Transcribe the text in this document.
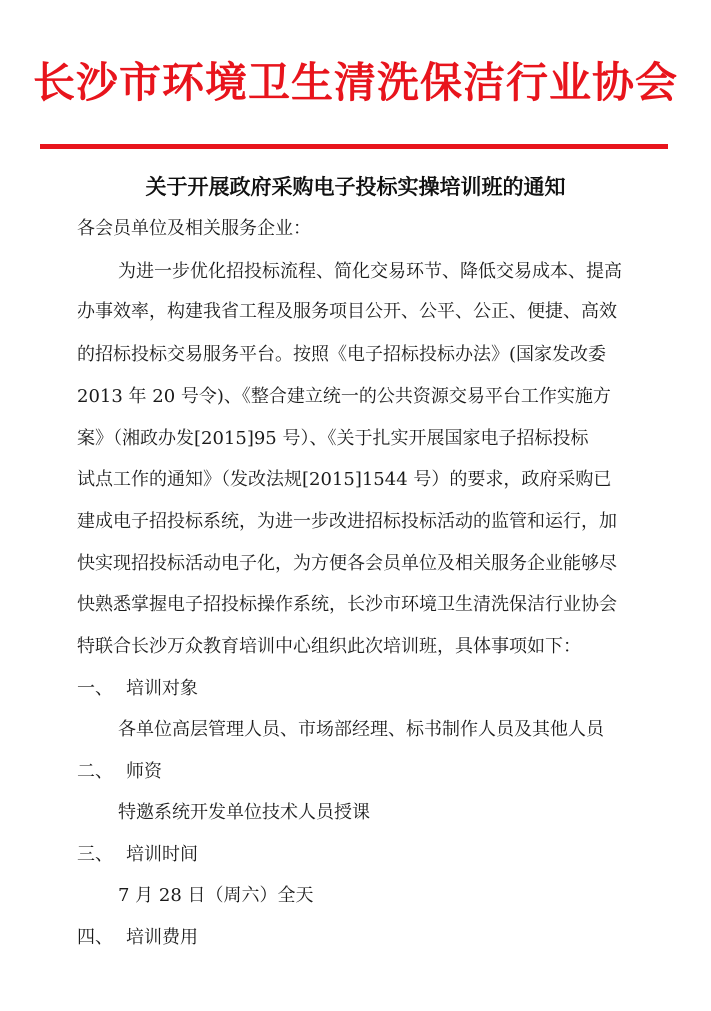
长沙市环境卫生清洗保洁行业协会
关于开展政府采购电子投标实操培训班的通知
各会员单位及相关服务企业：
为进一步优化招投标流程、简化交易环节、降低交易成本、提高
办事效率，构建我省工程及服务项目公开、公平、公正、便捷、高效
的招标投标交易服务平台。按照《电子招标投标办法》(国家发改委
2013 年 20 号令)、《整合建立统一的公共资源交易平台工作实施方
案》（湘政办发[2015]95 号）、《关于扎实开展国家电子招标投标
试点工作的通知》（发改法规[2015]1544 号）的要求，政府采购已
建成电子招投标系统，为进一步改进招标投标活动的监管和运行，加
快实现招投标活动电子化，为方便各会员单位及相关服务企业能够尽
快熟悉掌握电子招投标操作系统，长沙市环境卫生清洗保洁行业协会
特联合长沙万众教育培训中心组织此次培训班，具体事项如下：
一、 培训对象
各单位高层管理人员、市场部经理、标书制作人员及其他人员
二、 师资
特邀系统开发单位技术人员授课
三、 培训时间
7 月 28 日（周六）全天
四、 培训费用
